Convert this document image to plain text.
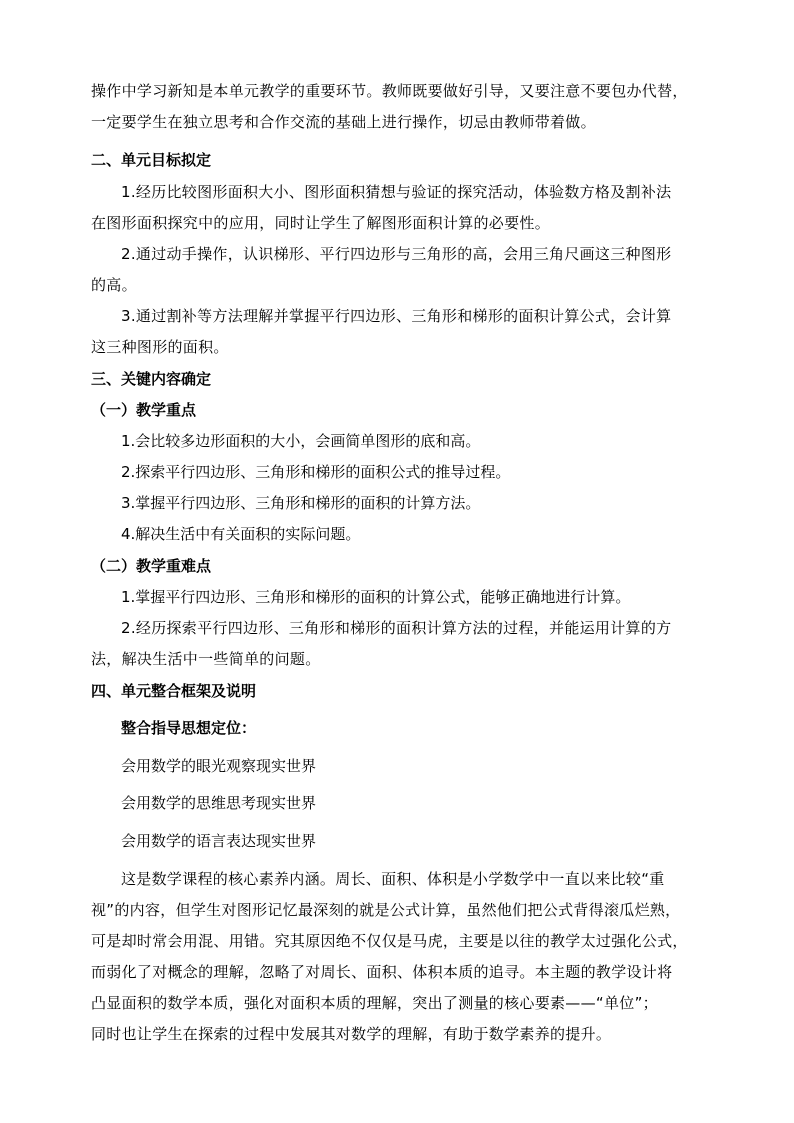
操作中学习新知是本单元教学的重要环节。教师既要做好引导，又要注意不要包办代替，
一定要学生在独立思考和合作交流的基础上进行操作，切忌由教师带着做。
二、单元目标拟定
1.经历比较图形面积大小、图形面积猜想与验证的探究活动，体验数方格及割补法
在图形面积探究中的应用，同时让学生了解图形面积计算的必要性。
2.通过动手操作，认识梯形、平行四边形与三角形的高，会用三角尺画这三种图形
的高。
3.通过割补等方法理解并掌握平行四边形、三角形和梯形的面积计算公式，会计算
这三种图形的面积。
三、关键内容确定
（一）教学重点
1.会比较多边形面积的大小，会画简单图形的底和高。
2.探索平行四边形、三角形和梯形的面积公式的推导过程。
3.掌握平行四边形、三角形和梯形的面积的计算方法。
4.解决生活中有关面积的实际问题。
（二）教学重难点
1.掌握平行四边形、三角形和梯形的面积的计算公式，能够正确地进行计算。
2.经历探索平行四边形、三角形和梯形的面积计算方法的过程，并能运用计算的方
法，解决生活中一些简单的问题。
四、单元整合框架及说明
整合指导思想定位：
会用数学的眼光观察现实世界
会用数学的思维思考现实世界
会用数学的语言表达现实世界
这是数学课程的核心素养内涵。周长、面积、体积是小学数学中一直以来比较“重
视”的内容，但学生对图形记忆最深刻的就是公式计算，虽然他们把公式背得滚瓜烂熟，
可是却时常会用混、用错。究其原因绝不仅仅是马虎，主要是以往的教学太过强化公式，
而弱化了对概念的理解，忽略了对周长、面积、体积本质的追寻。本主题的教学设计将
凸显面积的数学本质，强化对面积本质的理解，突出了测量的核心要素——“单位”；
同时也让学生在探索的过程中发展其对数学的理解，有助于数学素养的提升。
